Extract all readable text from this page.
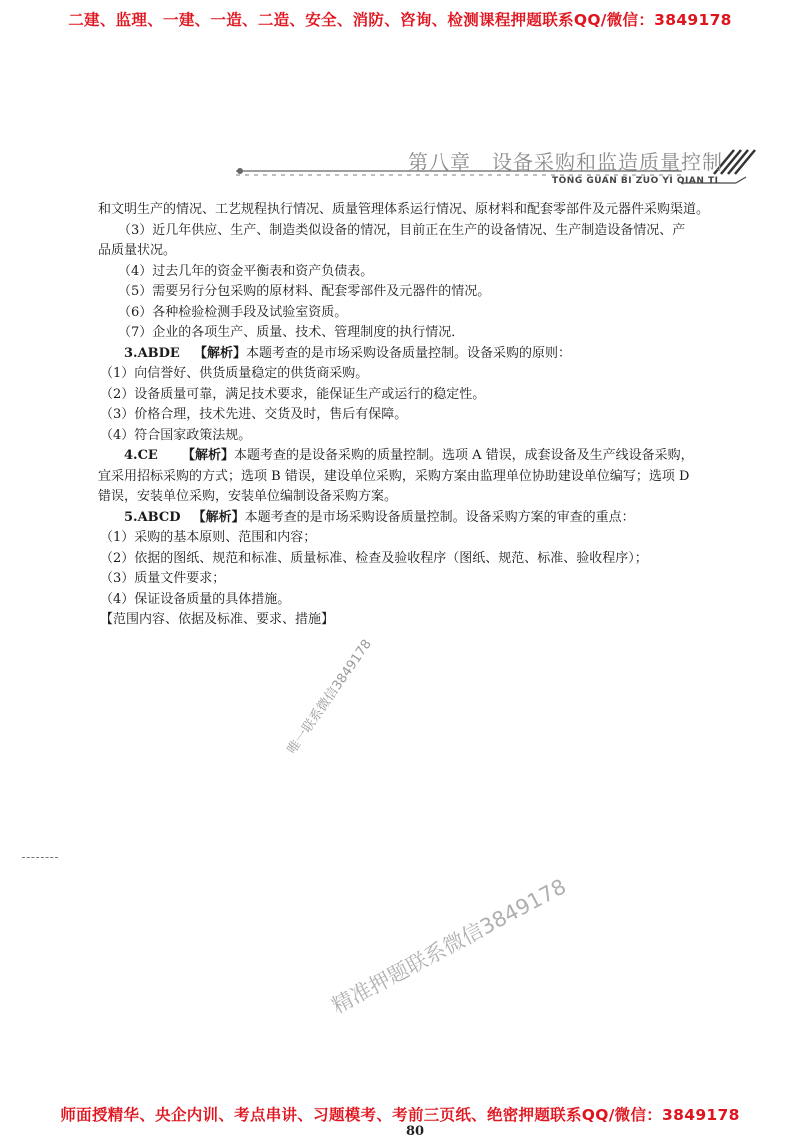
二建、监理、一建、一造、二造、安全、消防、咨询、检测课程押题联系QQ/微信：3849178
第八章　设备采购和监造质量控制
TONG GUAN BI ZUO YI QIAN TI
和文明生产的情况、工艺规程执行情况、质量管理体系运行情况、原材料和配套零部件及元器件采购渠道。
（3）近几年供应、生产、制造类似设备的情况，目前正在生产的设备情况、生产制造设备情况、产
品质量状况。
（4）过去几年的资金平衡表和资产负债表。
（5）需要另行分包采购的原材料、配套零部件及元器件的情况。
（6）各种检验检测手段及试验室资质。
（7）企业的各项生产、质量、技术、管理制度的执行情况．
3.ABDE 【解析】本题考查的是市场采购设备质量控制。设备采购的原则：
（1）向信誉好、供货质量稳定的供货商采购。
（2）设备质量可靠，满足技术要求，能保证生产或运行的稳定性。
（3）价格合理，技术先进、交货及时，售后有保障。
（4）符合国家政策法规。
4.CE 【解析】本题考查的是设备采购的质量控制。选项 A 错误，成套设备及生产线设备采购，
宜采用招标采购的方式；选项 B 错误，建设单位采购，采购方案由监理单位协助建设单位编写；选项 D
错误，安装单位采购，安装单位编制设备采购方案。
5.ABCD 【解析】本题考查的是市场采购设备质量控制。设备采购方案的审查的重点：
（1）采购的基本原则、范围和内容；
（2）依据的图纸、规范和标准、质量标准、检查及验收程序（图纸、规范、标准、验收程序）；
（3）质量文件要求；
（4）保证设备质量的具体措施。
【范围内容、依据及标准、要求、措施】
唯一联系微信3849178
精准押题联系微信3849178
师面授精华、央企内训、考点串讲、习题模考、考前三页纸、绝密押题联系QQ/微信：3849178
80
